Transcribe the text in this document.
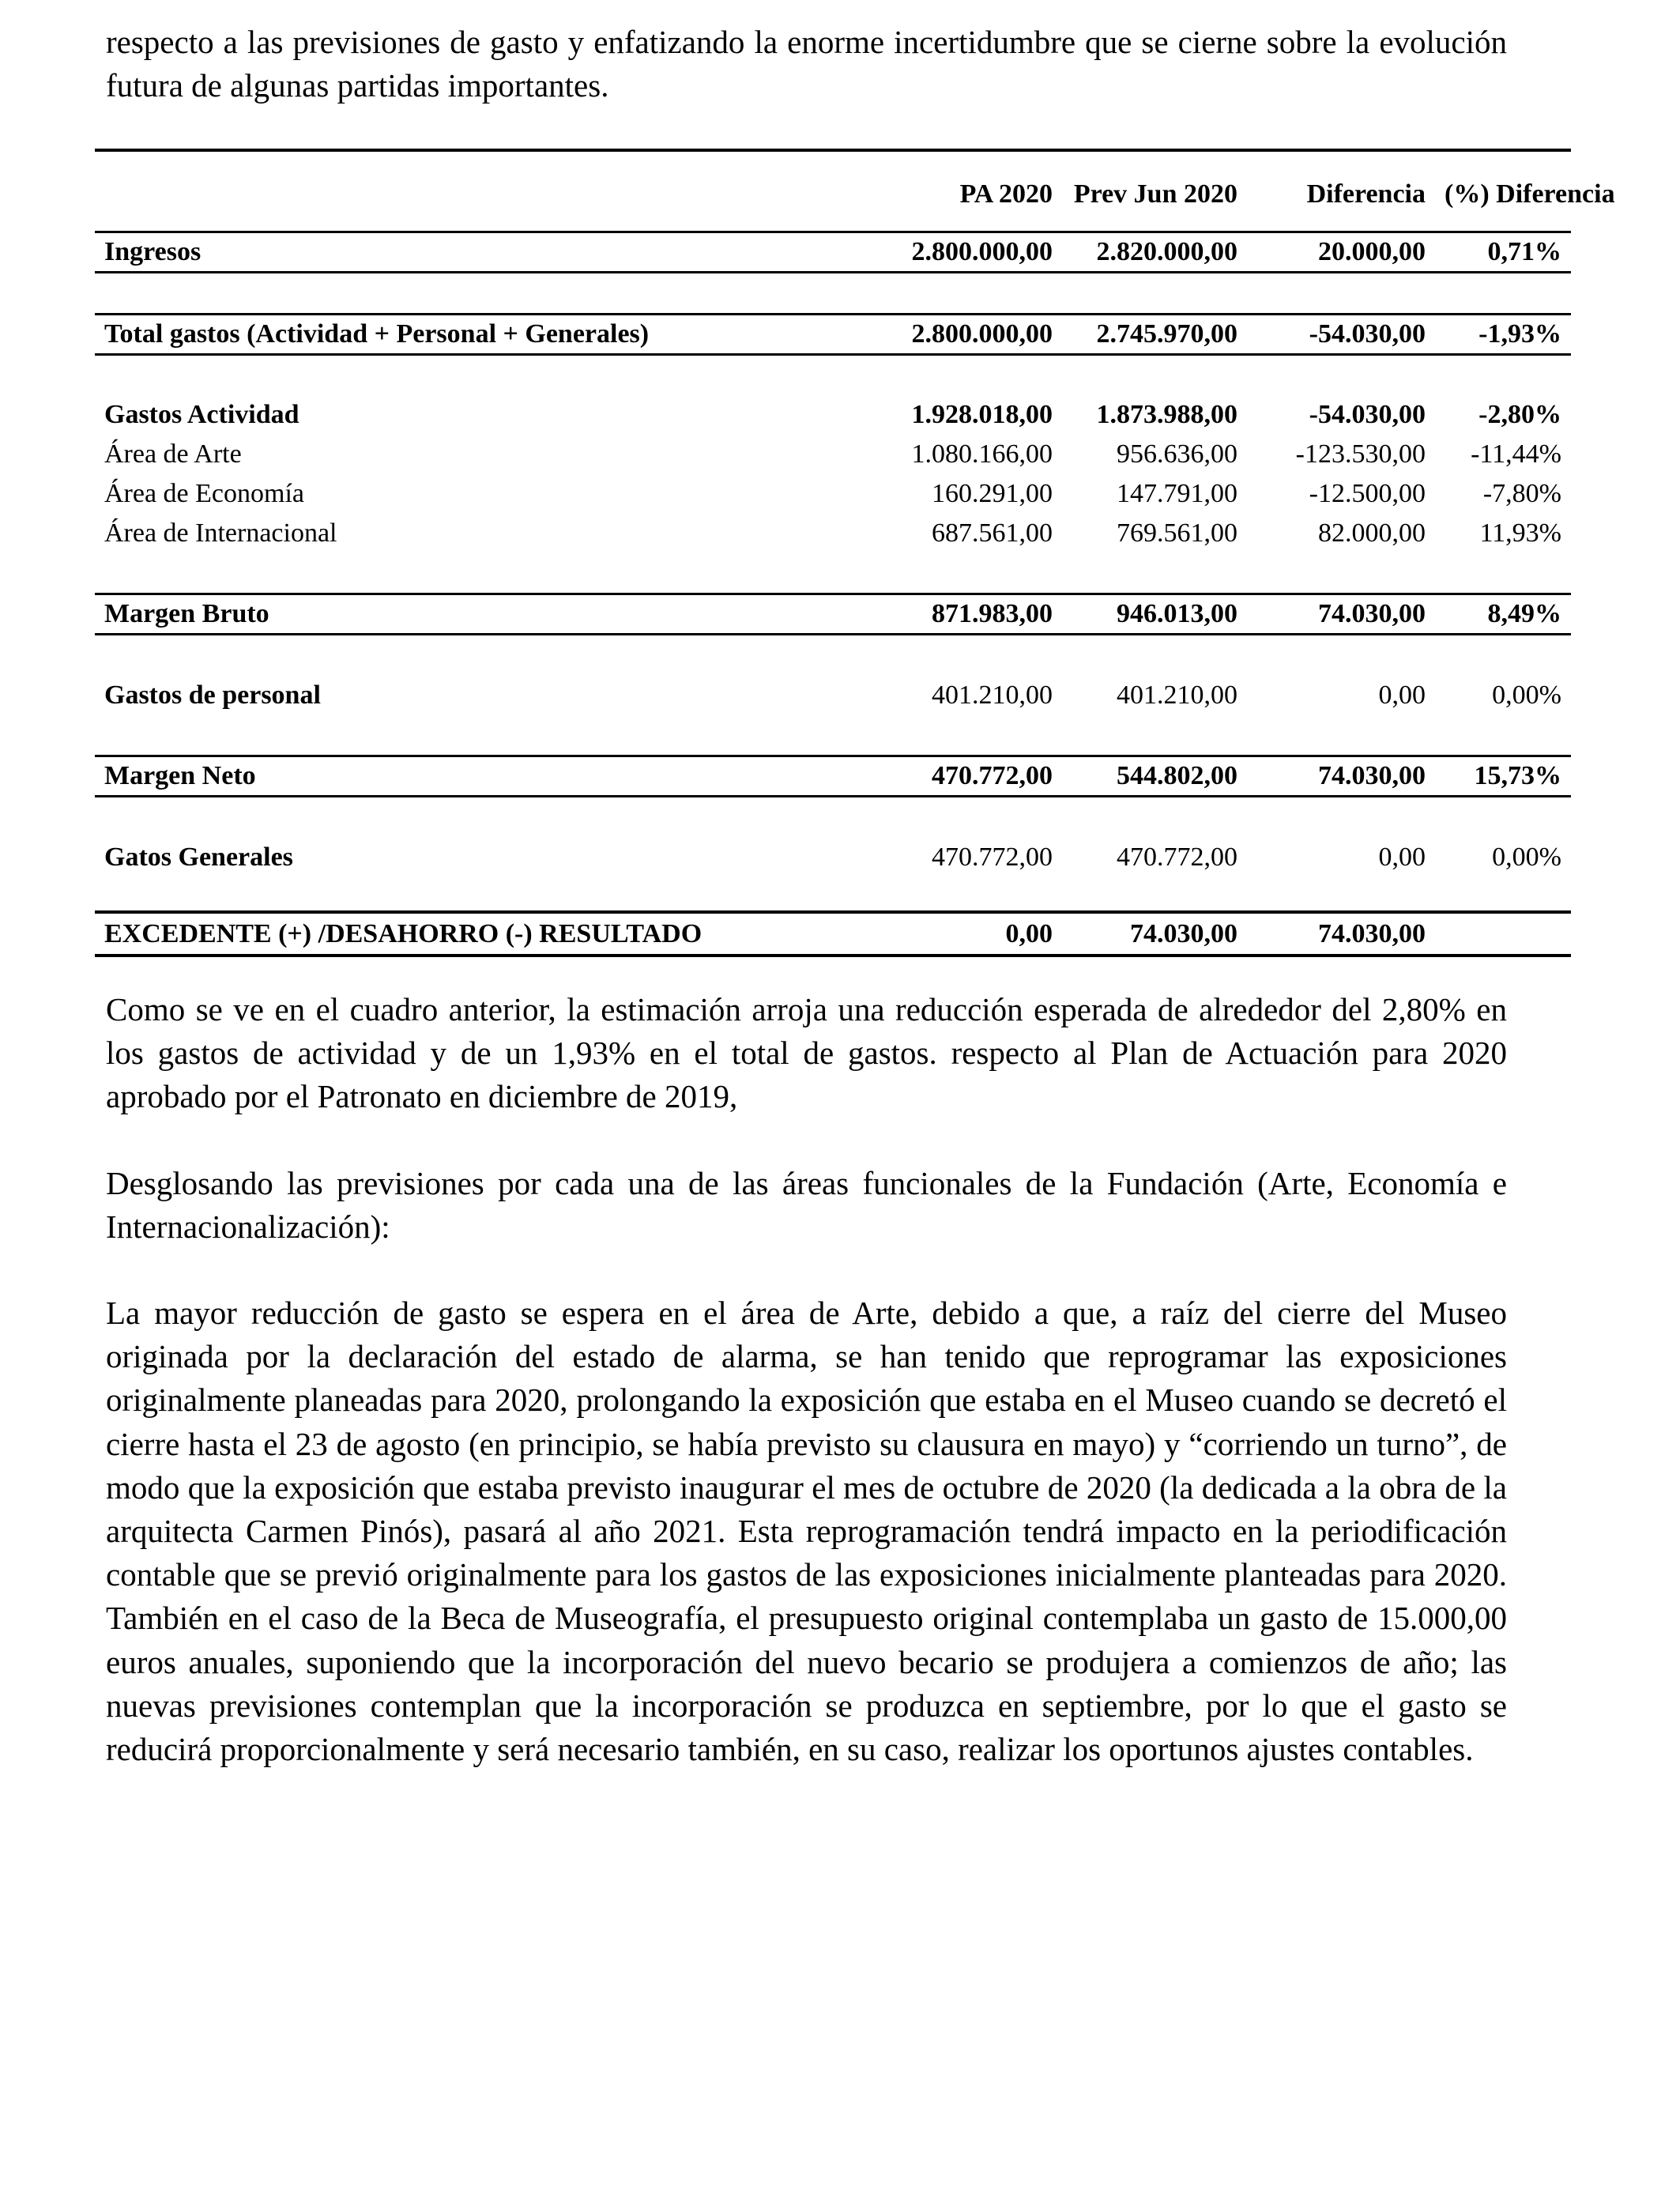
respecto a las previsiones de gasto y enfatizando la enorme incertidumbre que se cierne sobre la evolución futura de algunas partidas importantes.

	PA 2020	Prev Jun 2020	Diferencia	(%) Diferencia
Ingresos	2.800.000,00	2.820.000,00	20.000,00	0,71%

Total gastos (Actividad + Personal + Generales)	2.800.000,00	2.745.970,00	-54.030,00	-1,93%

Gastos Actividad	1.928.018,00	1.873.988,00	-54.030,00	-2,80%
Área de Arte	1.080.166,00	956.636,00	-123.530,00	-11,44%
Área de Economía	160.291,00	147.791,00	-12.500,00	-7,80%
Área de Internacional	687.561,00	769.561,00	82.000,00	11,93%

Margen Bruto	871.983,00	946.013,00	74.030,00	8,49%

Gastos de personal	401.210,00	401.210,00	0,00	0,00%

Margen Neto	470.772,00	544.802,00	74.030,00	15,73%

Gatos Generales	470.772,00	470.772,00	0,00	0,00%

EXCEDENTE (+) /DESAHORRO (-) RESULTADO	0,00	74.030,00	74.030,00	

Como se ve en el cuadro anterior, la estimación arroja una reducción esperada de alrededor del 2,80% en los gastos de actividad y de un 1,93% en el total de gastos. respecto al Plan de Actuación para 2020 aprobado por el Patronato en diciembre de 2019,

Desglosando las previsiones por cada una de las áreas funcionales de la Fundación (Arte, Economía e Internacionalización):

La mayor reducción de gasto se espera en el área de Arte, debido a que, a raíz del cierre del Museo originada por la declaración del estado de alarma, se han tenido que reprogramar las exposiciones originalmente planeadas para 2020, prolongando la exposición que estaba en el Museo cuando se decretó el cierre hasta el 23 de agosto (en principio, se había previsto su clausura en mayo) y “corriendo un turno”, de modo que la exposición que estaba previsto inaugurar el mes de octubre de 2020 (la dedicada a la obra de la arquitecta Carmen Pinós), pasará al año 2021. Esta reprogramación tendrá impacto en la periodificación contable que se previó originalmente para los gastos de las exposiciones inicialmente planteadas para 2020. También en el caso de la Beca de Museografía, el presupuesto original contemplaba un gasto de 15.000,00 euros anuales, suponiendo que la incorporación del nuevo becario se produjera a comienzos de año; las nuevas previsiones contemplan que la incorporación se produzca en septiembre, por lo que el gasto se reducirá proporcionalmente y será necesario también, en su caso, realizar los oportunos ajustes contables.
